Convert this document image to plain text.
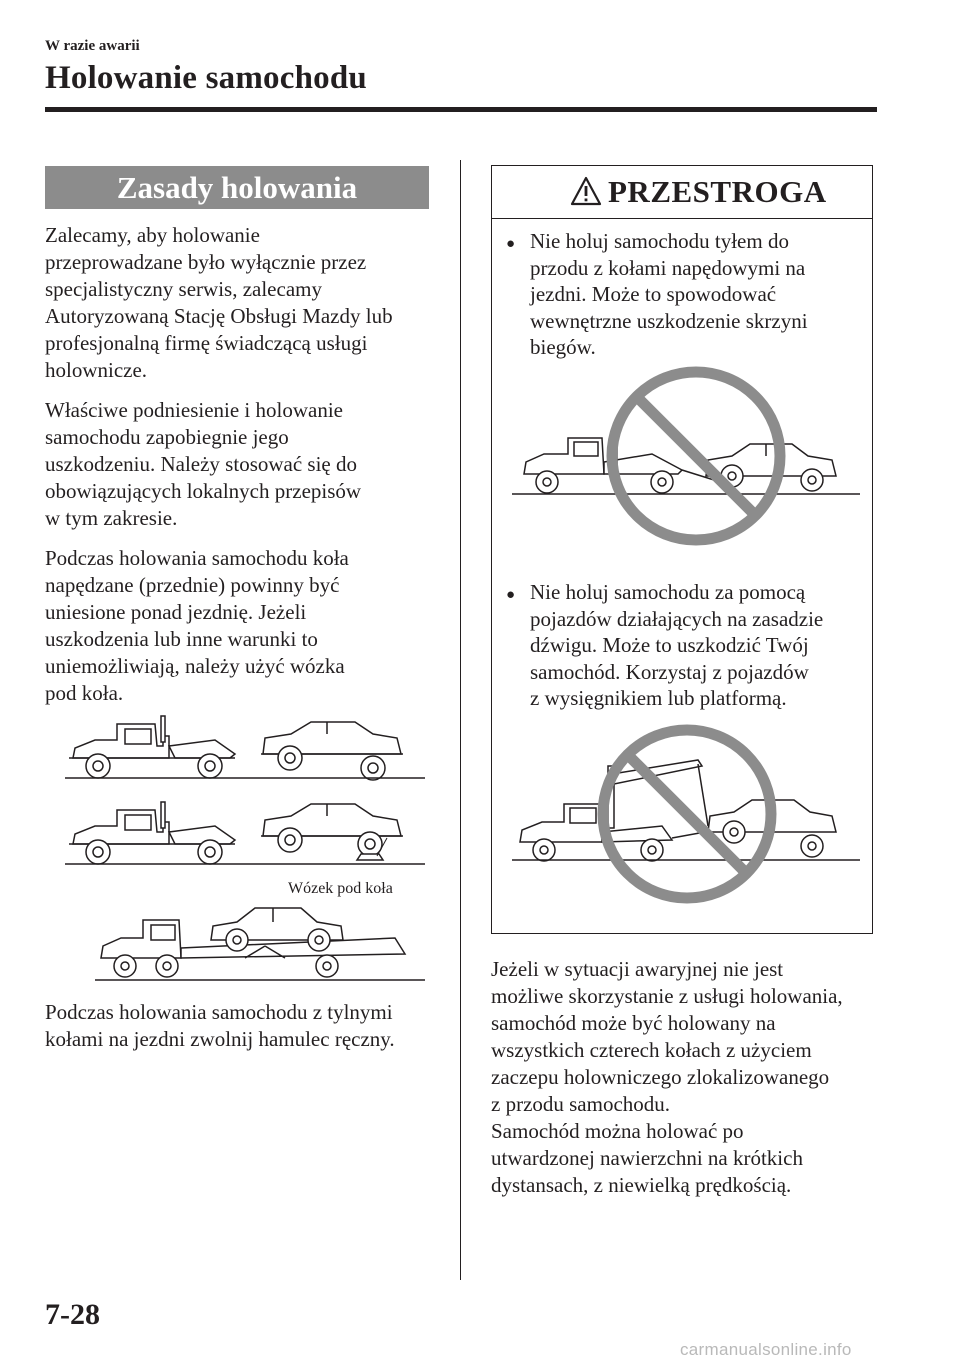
W razie awarii
Holowanie samochodu
Zasady holowania

Zalecamy, aby holowanie
przeprowadzane było wyłącznie przez
specjalistyczny serwis, zalecamy
Autoryzowaną Stację Obsługi Mazdy lub
profesjonalną firmę świadczącą usługi
holownicze.

Właściwe podniesienie i holowanie
samochodu zapobiegnie jego
uszkodzeniu. Należy stosować się do
obowiązujących lokalnych przepisów
w tym zakresie.

Podczas holowania samochodu koła
napędzane (przednie) powinny być
uniesione ponad jezdnię. Jeżeli
uszkodzenia lub inne warunki to
uniemożliwiają, należy użyć wózka
pod koła.

Wózek pod koła

Podczas holowania samochodu z tylnymi
kołami na jezdni zwolnij hamulec ręczny.

PRZESTROGA
● Nie holuj samochodu tyłem do
przodu z kołami napędowymi na
jezdni. Może to spowodować
wewnętrzne uszkodzenie skrzyni
biegów.

● Nie holuj samochodu za pomocą
pojazdów działających na zasadzie
dźwigu. Może to uszkodzić Twój
samochód. Korzystaj z pojazdów
z wysięgnikiem lub platformą.

Jeżeli w sytuacji awaryjnej nie jest
możliwe skorzystanie z usługi holowania,
samochód może być holowany na
wszystkich czterech kołach z użyciem
zaczepu holowniczego zlokalizowanego
z przodu samochodu.
Samochód można holować po
utwardzonej nawierzchni na krótkich
dystansach, z niewielką prędkością.

7-28
carmanualsonline.info
